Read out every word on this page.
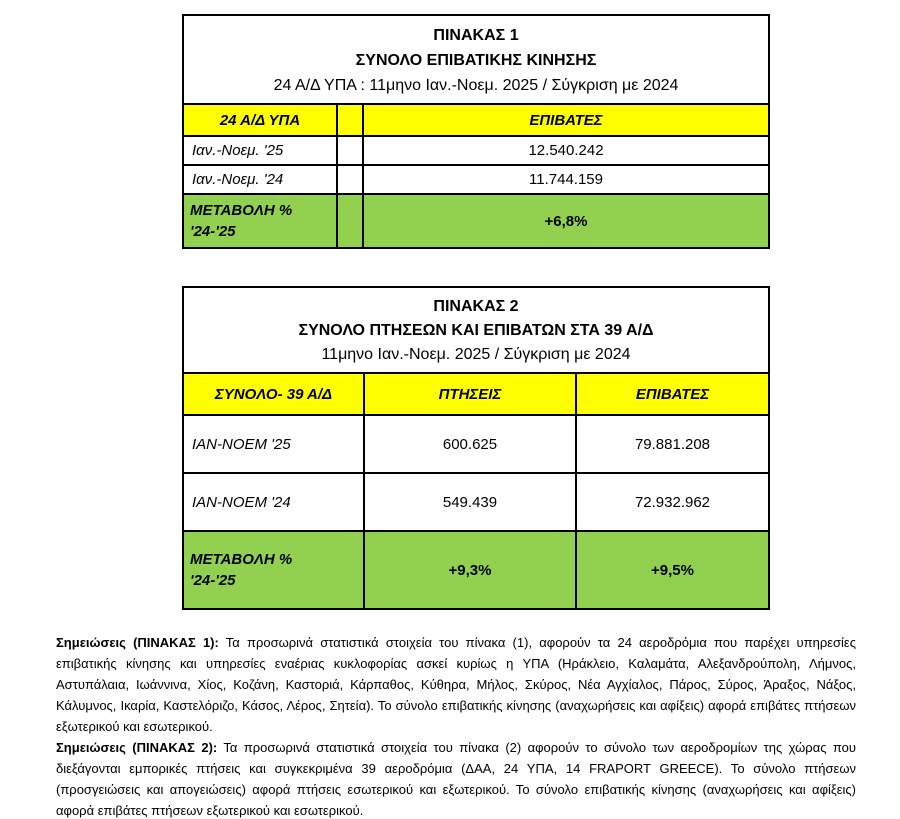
ΠΙΝΑΚΑΣ 1
ΣΥΝΟΛΟ ΕΠΙΒΑΤΙΚΗΣ ΚΙΝΗΣΗΣ
24 Α/Δ ΥΠΑ : 11μηνο Ιαν.-Νοεμ. 2025 / Σύγκριση με 2024		

24 Α/Δ ΥΠΑ		ΕΠΙΒΑΤΕΣ
Ιαν.-Νοεμ. '25		12.540.242
Ιαν.-Νοεμ. '24		11.744.159

ΜΕΤΑΒΟΛΗ %
'24-'25		+6,8%
ΠΙΝΑΚΑΣ 2
ΣΥΝΟΛΟ ΠΤΗΣΕΩΝ ΚΑΙ ΕΠΙΒΑΤΩΝ ΣΤΑ 39 Α/Δ
11μηνο Ιαν.-Νοεμ. 2025 / Σύγκριση με 2024		

ΣΥΝΟΛΟ- 39 Α/Δ	ΠΤΗΣΕΙΣ	ΕΠΙΒΑΤΕΣ
ΙΑΝ-ΝΟΕΜ '25	600.625	79.881.208
ΙΑΝ-ΝΟΕΜ '24	549.439	72.932.962

ΜΕΤΑΒΟΛΗ %
'24-'25	+9,3%	+9,5%

Σημειώσεις (ΠΙΝΑΚΑΣ 1): Τα προσωρινά στατιστικά στοιχεία του πίνακα (1), αφορούν τα 24 αεροδρόμια που παρέχει υπηρεσίες επιβατικής κίνησης και υπηρεσίες εναέριας κυκλοφορίας ασκεί κυρίως η ΥΠΑ (Ηράκλειο, Καλαμάτα, Αλεξανδρούπολη, Λήμνος, Αστυπάλαια, Ιωάννινα, Χίος, Κοζάνη, Καστοριά, Κάρπαθος, Κύθηρα, Μήλος, Σκύρος, Νέα Αγχίαλος, Πάρος, Σύρος, Άραξος, Νάξος, Κάλυμνος, Ικαρία, Καστελόριζο, Κάσος, Λέρος, Σητεία). Το σύνολο επιβατικής κίνησης (αναχωρήσεις και αφίξεις) αφορά επιβάτες πτήσεων εξωτερικού και εσωτερικού.

Σημειώσεις (ΠΙΝΑΚΑΣ 2): Τα προσωρινά στατιστικά στοιχεία του πίνακα (2) αφορούν το σύνολο των αεροδρομίων της χώρας που διεξάγονται εμπορικές πτήσεις και συγκεκριμένα 39 αεροδρόμια (ΔΑΑ, 24 ΥΠΑ, 14 FRAPORT GREECE). Το σύνολο πτήσεων (προσγειώσεις και απογειώσεις) αφορά πτήσεις εσωτερικού και εξωτερικού. Το σύνολο επιβατικής κίνησης (αναχωρήσεις και αφίξεις) αφορά επιβάτες πτήσεων εξωτερικού και εσωτερικού.
